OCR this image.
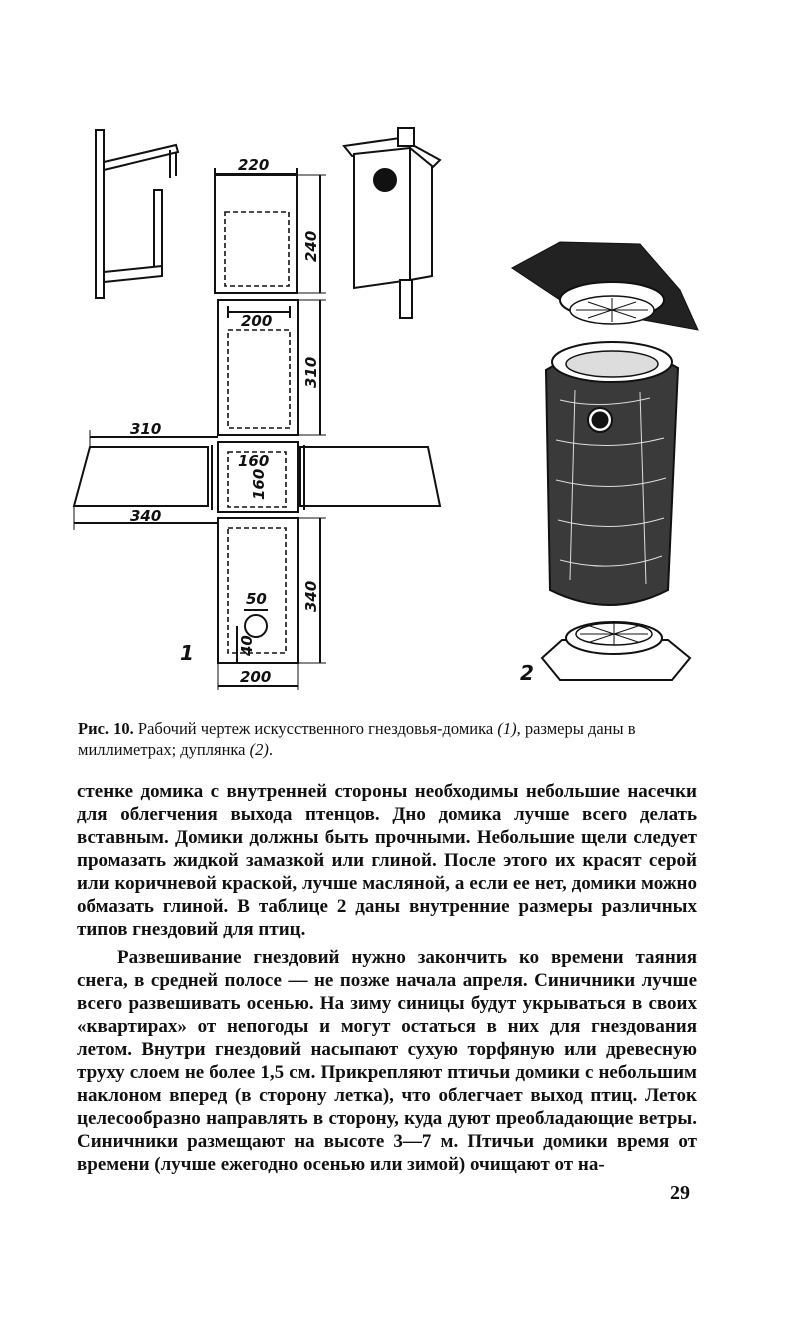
220
240
200
310
310
340
160
160
50 340
40
200
1
2
Рис. 10. Рабочий чертеж искусственного гнездовья-домика (1), размеры даны в миллиметрах; дуплянка (2).

стенке домика с внутренней стороны необходимы небольшие насечки для облегчения выхода птенцов. Дно домика лучше всего делать вставным. Домики должны быть прочными. Небольшие щели следует промазать жидкой замазкой или глиной. После этого их красят серой или коричневой краской, лучше масляной, а если ее нет, домики можно обмазать глиной. В таблице 2 даны внутренние размеры различных типов гнездовий для птиц.

Развешивание гнездовий нужно закончить ко времени таяния снега, в средней полосе — не позже начала апреля. Синичники лучше всего развешивать осенью. На зиму синицы будут укрываться в своих «квартирах» от непогоды и могут остаться в них для гнездования летом. Внутри гнездовий насыпают сухую торфяную или древесную труху слоем не более 1,5 см. Прикрепляют птичьи домики с небольшим наклоном вперед (в сторону летка), что облегчает выход птиц. Леток целесообразно направлять в сторону, куда дуют преобладающие ветры. Синичники размещают на высоте 3—7 м. Птичьи домики время от времени (лучше ежегодно осенью или зимой) очищают от на-

29
